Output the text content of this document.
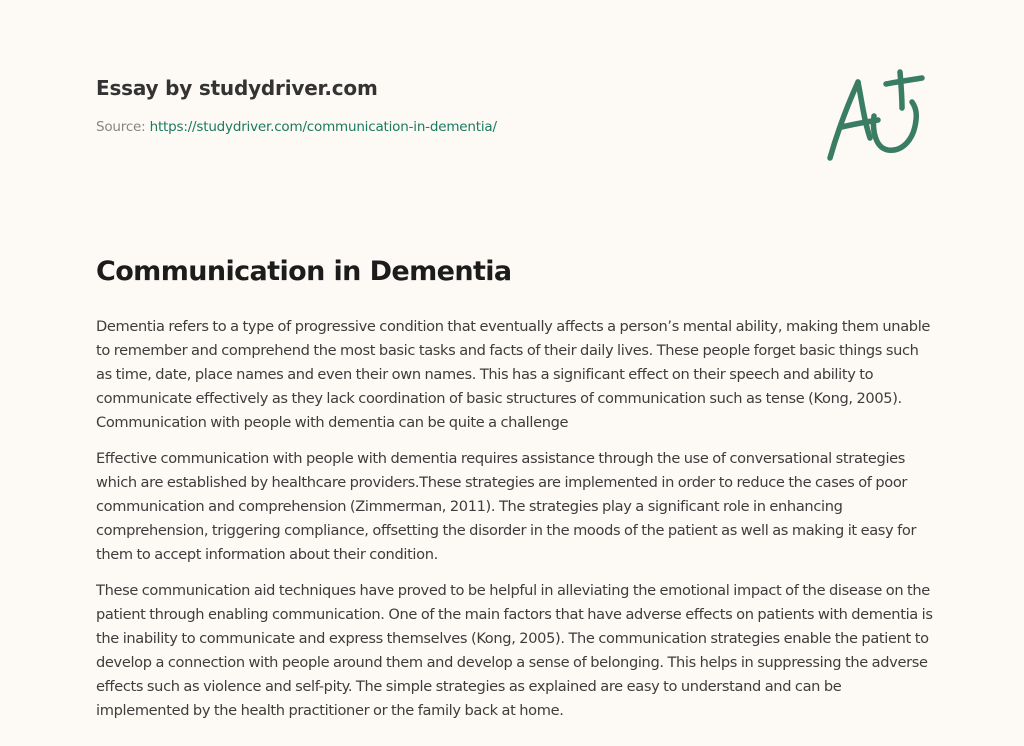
Essay by studydriver.com
Source: https://studydriver.com/communication-in-dementia/
Communication in Dementia

Dementia refers to a type of progressive condition that eventually affects a person’s mental ability, making them unable to remember and comprehend the most basic tasks and facts of their daily lives. These people forget basic things such as time, date, place names and even their own names. This has a significant effect on their speech and ability to communicate effectively as they lack coordination of basic structures of communication such as tense (Kong, 2005). Communication with people with dementia can be quite a challenge

Effective communication with people with dementia requires assistance through the use of conversational strategies which are established by healthcare providers.These strategies are implemented in order to reduce the cases of poor communication and comprehension (Zimmerman, 2011). The strategies play a significant role in enhancing comprehension, triggering compliance, offsetting the disorder in the moods of the patient as well as making it easy for them to accept information about their condition.

These communication aid techniques have proved to be helpful in alleviating the emotional impact of the disease on the patient through enabling communication. One of the main factors that have adverse effects on patients with dementia is the inability to communicate and express themselves (Kong, 2005). The communication strategies enable the patient to develop a connection with people around them and develop a sense of belonging. This helps in suppressing the adverse effects such as violence and self-pity. The simple strategies as explained are easy to understand and can be implemented by the health practitioner or the family back at home.
